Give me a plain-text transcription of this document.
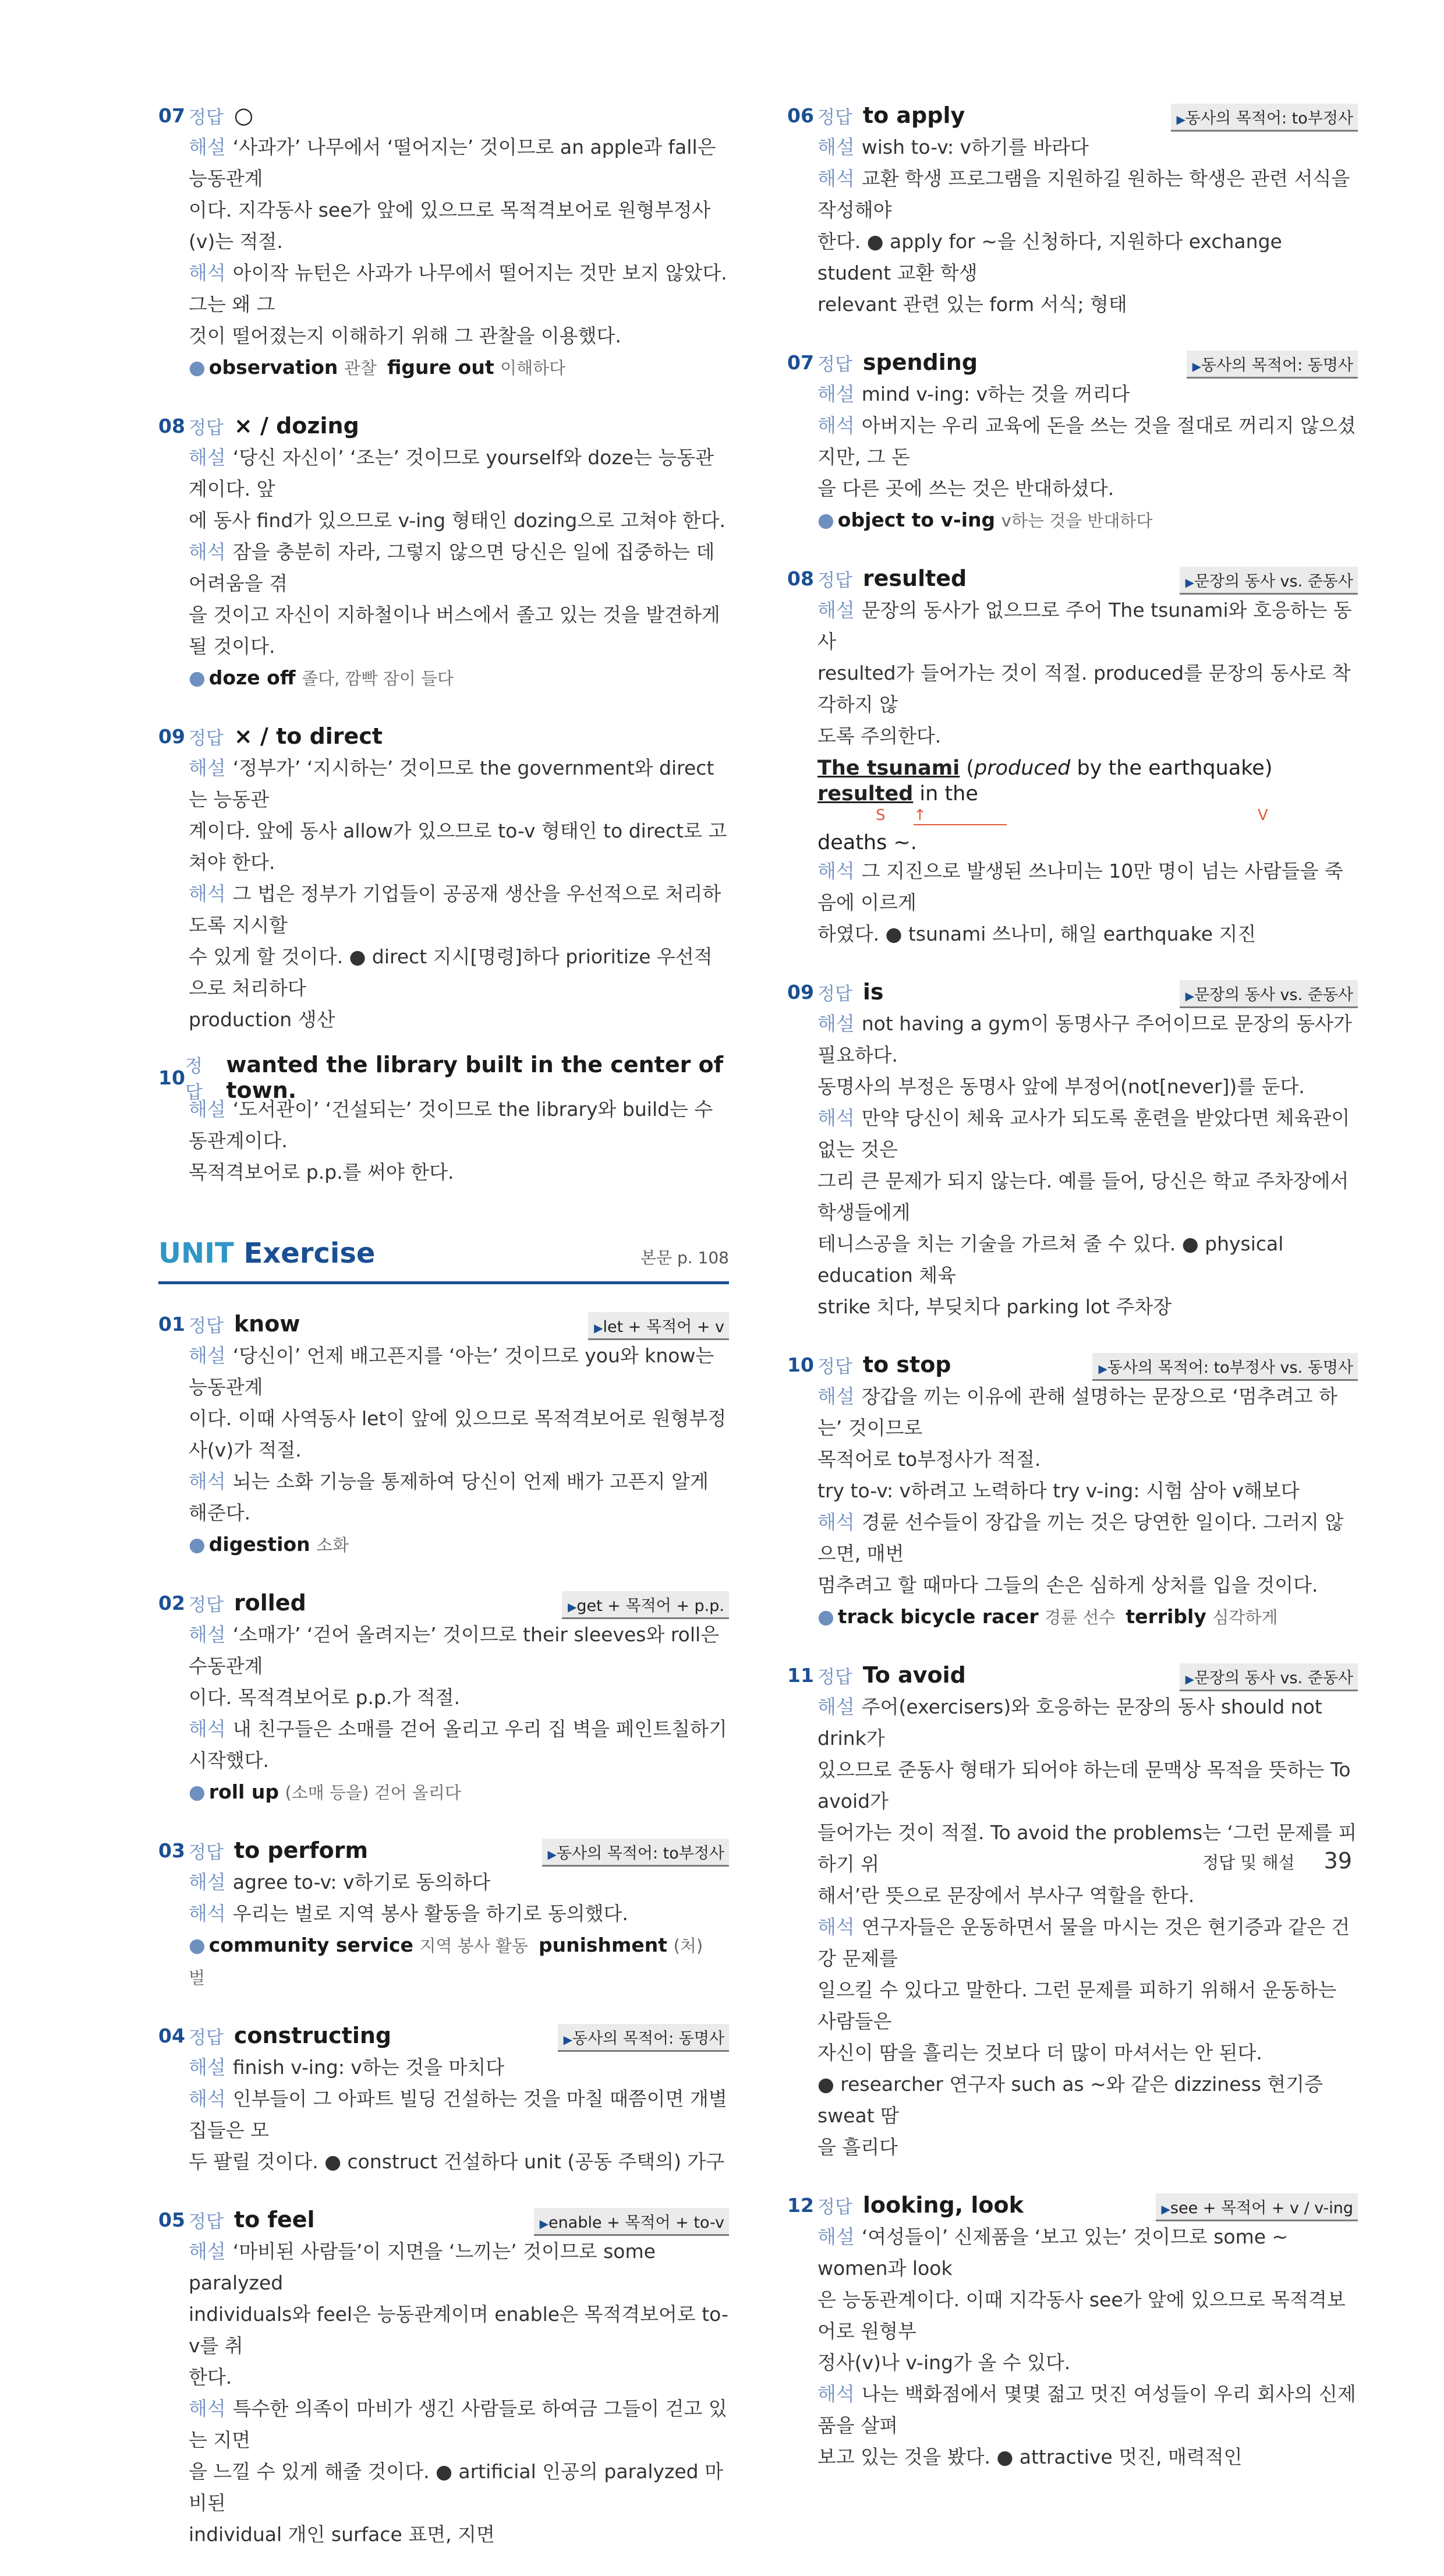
07 정답 ○
해설 ‘사과가’ 나무에서 ‘떨어지는’ 것이므로 an apple과 fall은 능동관계
이다. 지각동사 see가 앞에 있으므로 목적격보어로 원형부정사(v)는 적절.
해석 아이작 뉴턴은 사과가 나무에서 떨어지는 것만 보지 않았다. 그는 왜 그
것이 떨어졌는지 이해하기 위해 그 관찰을 이용했다.
● observation 관찰 figure out 이해하다
08 정답 × / dozing
해설 ‘당신 자신이’ ‘조는’ 것이므로 yourself와 doze는 능동관계이다. 앞
에 동사 find가 있으므로 v-ing 형태인 dozing으로 고쳐야 한다.
해석 잠을 충분히 자라, 그렇지 않으면 당신은 일에 집중하는 데 어려움을 겪
을 것이고 자신이 지하철이나 버스에서 졸고 있는 것을 발견하게 될 것이다.
● doze off 졸다, 깜빡 잠이 들다
09 정답 × / to direct
해설 ‘정부가’ ‘지시하는’ 것이므로 the government와 direct는 능동관
계이다. 앞에 동사 allow가 있으므로 to-v 형태인 to direct로 고쳐야 한다.
해석 그 법은 정부가 기업들이 공공재 생산을 우선적으로 처리하도록 지시할
수 있게 할 것이다. ● direct 지시[명령]하다 prioritize 우선적으로 처리하다
production 생산
10 정답
wanted the library built in the center of town.
해설 ‘도서관이’ ‘건설되는’ 것이므로 the library와 build는 수동관계이다.
목적격보어로 p.p.를 써야 한다.
UNIT Exercise	본문 p. 108
01 정답 know	▶ let + 목적어 + v
해설 ‘당신이’ 언제 배고픈지를 ‘아는’ 것이므로 you와 know는 능동관계
이다. 이때 사역동사 let이 앞에 있으므로 목적격보어로 원형부정사(v)가 적절.
해석 뇌는 소화 기능을 통제하여 당신이 언제 배가 고픈지 알게 해준다.
● digestion 소화
02 정답 rolled	▶ get + 목적어 + p.p.
해설 ‘소매가’ ‘걷어 올려지는’ 것이므로 their sleeves와 roll은 수동관계
이다. 목적격보어로 p.p.가 적절.
해석 내 친구들은 소매를 걷어 올리고 우리 집 벽을 페인트칠하기 시작했다.
● roll up (소매 등을) 걷어 올리다
03 정답 to perform	▶ 동사의 목적어: to부정사
해설 agree to-v: v하기로 동의하다
해석 우리는 벌로 지역 봉사 활동을 하기로 동의했다.
● community service 지역 봉사 활동 punishment (처)벌
04 정답 constructing	▶ 동사의 목적어: 동명사
해설 finish v-ing: v하는 것을 마치다
해석 인부들이 그 아파트 빌딩 건설하는 것을 마칠 때쯤이면 개별 집들은 모
두 팔릴 것이다. ● construct 건설하다 unit (공동 주택의) 가구
05 정답 to feel	▶ enable + 목적어 + to-v
해설 ‘마비된 사람들’이 지면을 ‘느끼는’ 것이므로 some paralyzed
individuals와 feel은 능동관계이며 enable은 목적격보어로 to-v를 취
한다.
해석 특수한 의족이 마비가 생긴 사람들로 하여금 그들이 걷고 있는 지면
을 느낄 수 있게 해줄 것이다. ● artificial 인공의 paralyzed 마비된
individual 개인 surface 표면, 지면
06 정답 to apply	▶ 동사의 목적어: to부정사
해설 wish to-v: v하기를 바라다
해석 교환 학생 프로그램을 지원하길 원하는 학생은 관련 서식을 작성해야
한다. ● apply for ~을 신청하다, 지원하다 exchange student 교환 학생
relevant 관련 있는 form 서식; 형태
07 정답 spending	▶ 동사의 목적어: 동명사
해설 mind v-ing: v하는 것을 꺼리다
해석 아버지는 우리 교육에 돈을 쓰는 것을 절대로 꺼리지 않으셨지만, 그 돈
을 다른 곳에 쓰는 것은 반대하셨다.
● object to v-ing v하는 것을 반대하다
08 정답 resulted	▶ 문장의 동사 vs. 준동사
해설 문장의 동사가 없으므로 주어 The tsunami와 호응하는 동사
resulted가 들어가는 것이 적절. produced를 문장의 동사로 착각하지 않
도록 주의한다.
The tsunami (produced by the earthquake) resulted in the
S ↑	V
deaths ~.
해석 그 지진으로 발생된 쓰나미는 10만 명이 넘는 사람들을 죽음에 이르게
하였다. ● tsunami 쓰나미, 해일 earthquake 지진
09 정답 is	▶ 문장의 동사 vs. 준동사
해설 not having a gym이 동명사구 주어이므로 문장의 동사가 필요하다.
동명사의 부정은 동명사 앞에 부정어(not[never])를 둔다.
해석 만약 당신이 체육 교사가 되도록 훈련을 받았다면 체육관이 없는 것은
그리 큰 문제가 되지 않는다. 예를 들어, 당신은 학교 주차장에서 학생들에게
테니스공을 치는 기술을 가르쳐 줄 수 있다. ● physical education 체육
strike 치다, 부딪치다 parking lot 주차장
10 정답 to stop	▶ 동사의 목적어: to부정사 vs. 동명사
해설 장갑을 끼는 이유에 관해 설명하는 문장으로 ‘멈추려고 하는’ 것이므로
목적어로 to부정사가 적절.
try to-v: v하려고 노력하다 try v-ing: 시험 삼아 v해보다
해석 경륜 선수들이 장갑을 끼는 것은 당연한 일이다. 그러지 않으면, 매번
멈추려고 할 때마다 그들의 손은 심하게 상처를 입을 것이다.
● track bicycle racer 경륜 선수 terribly 심각하게
11 정답 To avoid	▶ 문장의 동사 vs. 준동사
해설 주어(exercisers)와 호응하는 문장의 동사 should not drink가
있으므로 준동사 형태가 되어야 하는데 문맥상 목적을 뜻하는 To avoid가
들어가는 것이 적절. To avoid the problems는 ‘그런 문제를 피하기 위
해서’란 뜻으로 문장에서 부사구 역할을 한다.
해석 연구자들은 운동하면서 물을 마시는 것은 현기증과 같은 건강 문제를
일으킬 수 있다고 말한다. 그런 문제를 피하기 위해서 운동하는 사람들은
자신이 땀을 흘리는 것보다 더 많이 마셔서는 안 된다.
● researcher 연구자 such as ~와 같은 dizziness 현기증 sweat 땀
을 흘리다
12 정답 looking, look	▶ see + 목적어 + v / v-ing
해설 ‘여성들이’ 신제품을 ‘보고 있는’ 것이므로 some ~ women과 look
은 능동관계이다. 이때 지각동사 see가 앞에 있으므로 목적격보어로 원형부
정사(v)나 v-ing가 올 수 있다.
해석 나는 백화점에서 몇몇 젊고 멋진 여성들이 우리 회사의 신제품을 살펴
보고 있는 것을 봤다. ● attractive 멋진, 매력적인
정답 및 해설 39
